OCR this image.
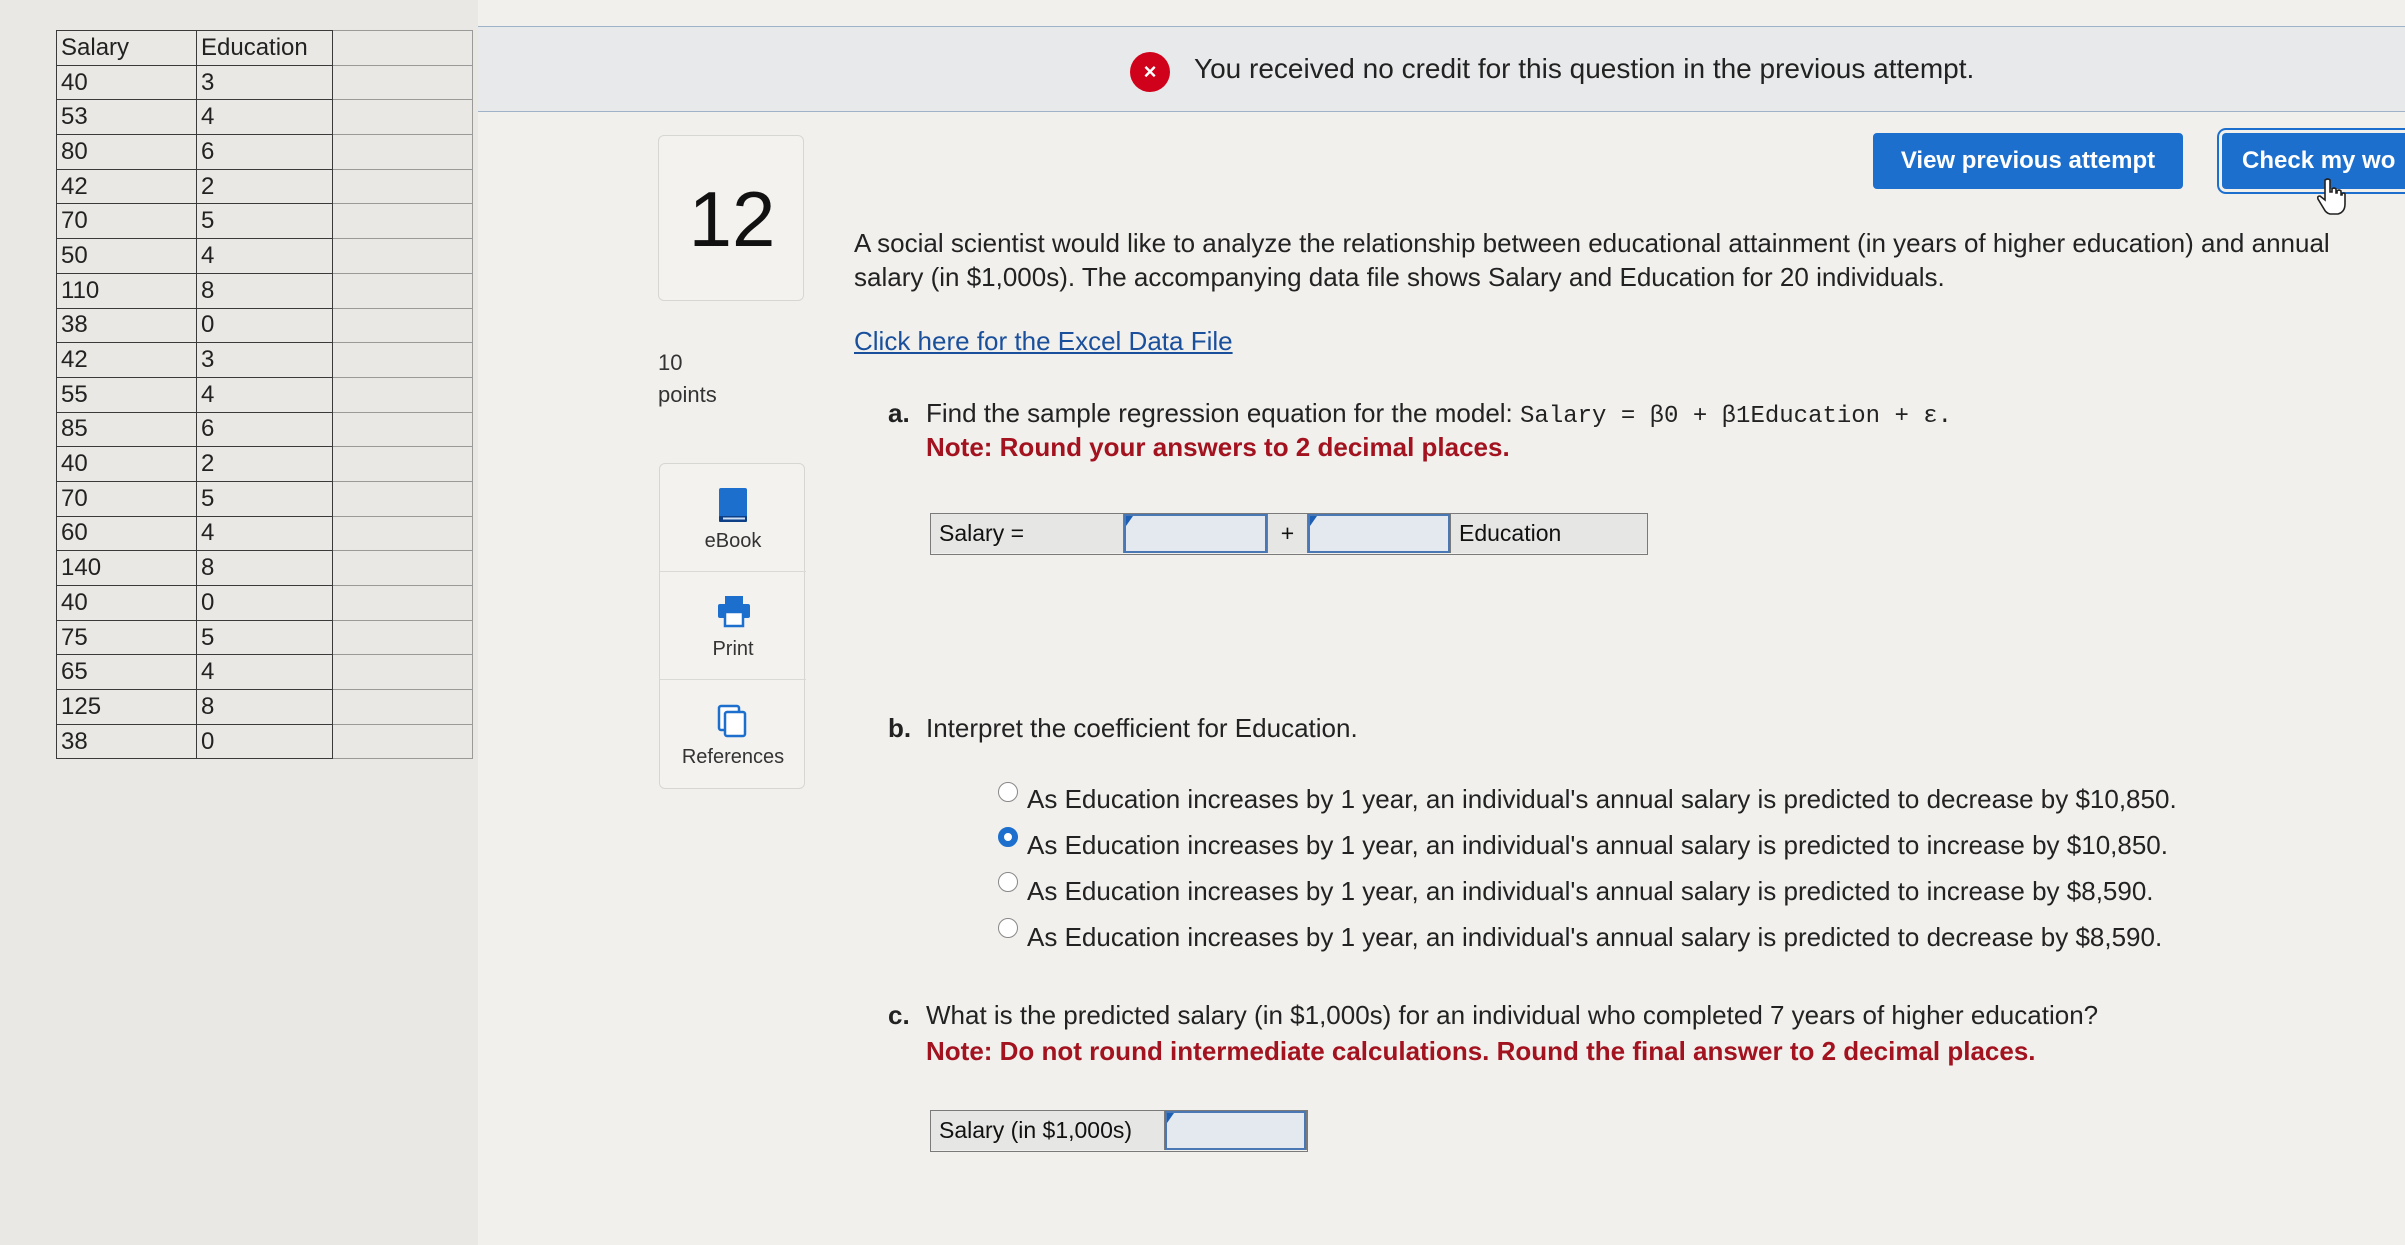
Salary	Education	
40	3	
53	4	
80	6	
42	2	
70	5	
50	4	
110	8	
38	0	
42	3	
55	4	
85	6	
40	2	
70	5	
60	4	
140	8	
40	0	
75	5	
65	4	
125	8	
38	0	
×	You received no credit for this question in the previous attempt.
View previous attempt	Check my wo
12
10
points
eBook
Print
References
A social scientist would like to analyze the relationship between educational attainment (in years of higher education) and annual salary (in $1,000s). The accompanying data file shows Salary and Education for 20 individuals.
Click here for the Excel Data File
a. Find the sample regression equation for the model: Salary = β0 + β1Education + ε.
Note: Round your answers to 2 decimal places.
Salary =	+	Education
b. Interpret the coefficient for Education.
As Education increases by 1 year, an individual's annual salary is predicted to decrease by $10,850.
As Education increases by 1 year, an individual's annual salary is predicted to increase by $10,850.
As Education increases by 1 year, an individual's annual salary is predicted to increase by $8,590.
As Education increases by 1 year, an individual's annual salary is predicted to decrease by $8,590.
c. What is the predicted salary (in $1,000s) for an individual who completed 7 years of higher education?
Note: Do not round intermediate calculations. Round the final answer to 2 decimal places.
Salary (in $1,000s)
